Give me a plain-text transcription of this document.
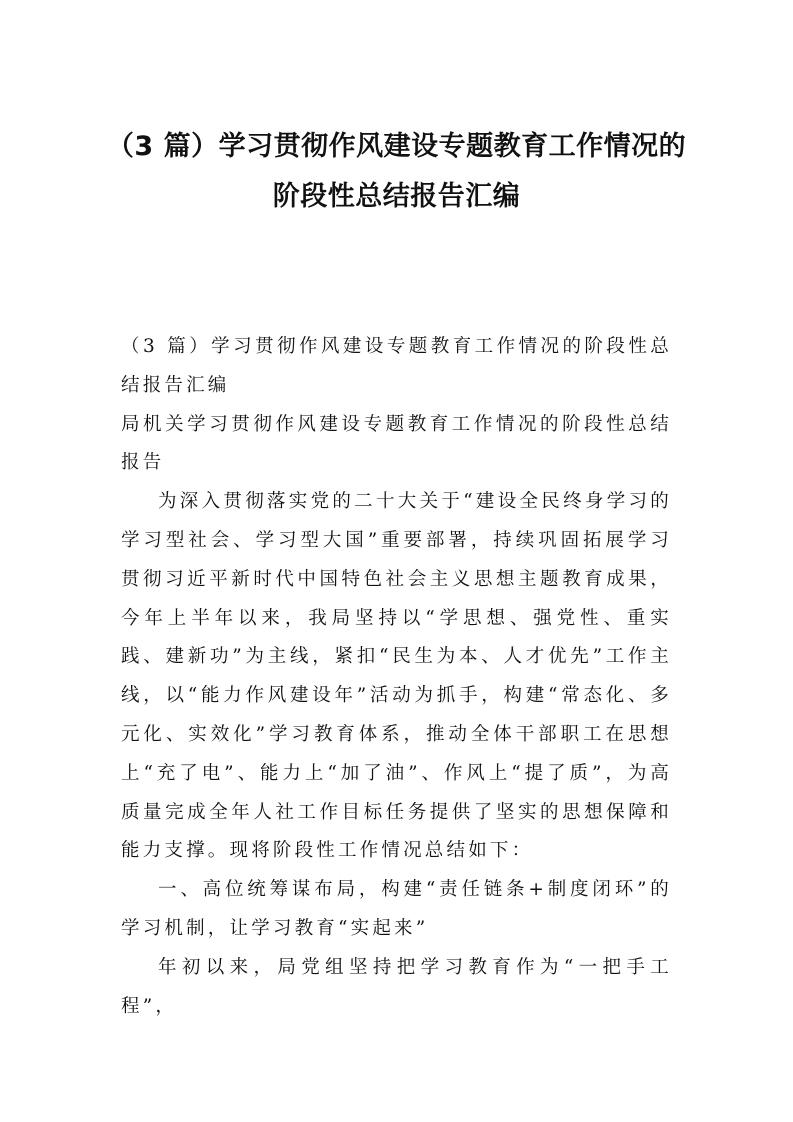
（3 篇）学习贯彻作风建设专题教育工作情况的阶段性总结报告汇编

（3 篇）学习贯彻作风建设专题教育工作情况的阶段性总结报告汇编

局机关学习贯彻作风建设专题教育工作情况的阶段性总结报告

为深入贯彻落实党的二十大关于“建设全民终身学习的学习型社会、学习型大国”重要部署，持续巩固拓展学习贯彻习近平新时代中国特色社会主义思想主题教育成果，今年上半年以来，我局坚持以“学思想、强党性、重实践、建新功”为主线，紧扣“民生为本、人才优先”工作主线，以“能力作风建设年”活动为抓手，构建“常态化、多元化、实效化”学习教育体系，推动全体干部职工在思想上“充了电”、能力上“加了油”、作风上“提了质”，为高质量完成全年人社工作目标任务提供了坚实的思想保障和能力支撑。现将阶段性工作情况总结如下：

一、高位统筹谋布局，构建“责任链条+制度闭环”的学习机制，让学习教育“实起来”

年初以来，局党组坚持把学习教育作为“一把手工程”，
